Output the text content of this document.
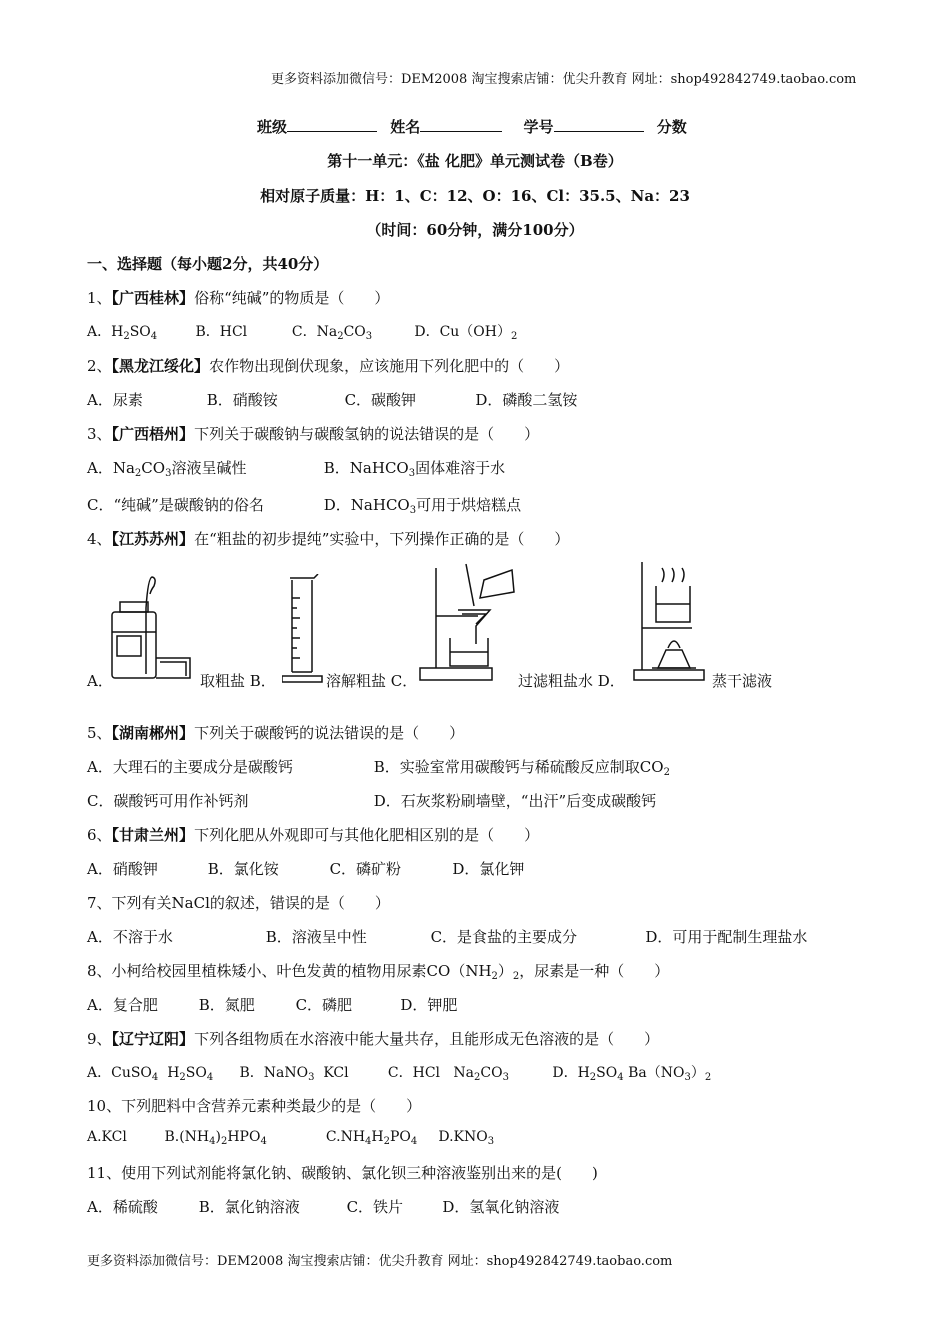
更多资料添加微信号：DEM2008 淘宝搜索店铺：优尖升教育 网址：shop492842749.taobao.com
班级	姓名	学号	分数
第十一单元：《盐 化肥》单元测试卷（B卷）
相对原子质量：H：1、C：12、O：16、Cl：35.5、Na：23
（时间：60分钟，满分100分）
一、选择题（每小题2分，共40分）
1、【广西桂林】俗称“纯碱”的物质是（　　）
A．$H_2SO_4$	B．HCl	C．$Na_2CO_3$	D．$Cu(OH)_2$
2、【黑龙江绥化】农作物出现倒伏现象，应该施用下列化肥中的（　　）
A．尿素	B．硝酸铵	C．碳酸钾	D．磷酸二氢铵
3、【广西梧州】下列关于碳酸钠与碳酸氢钠的说法错误的是（　　）
A．$Na_2CO_3$溶液呈碱性	B．NaHCO$_3$固体难溶于水
C．“纯碱”是碳酸钠的俗名	D．NaHCO$_3$可用于烘焙糕点
4、【江苏苏州】在“粗盐的初步提纯”实验中，下列操作正确的是（　　）
A．	取粗盐 B．	溶解粗盐 C．	过滤粗盐水 D．	蒸干滤液
5、【湖南郴州】下列关于碳酸钙的说法错误的是（　　）
A．大理石的主要成分是碳酸钙	B．实验室常用碳酸钙与稀硫酸反应制取$CO_2$
C．碳酸钙可用作补钙剂	D．石灰浆粉刷墙壁，“出汗”后变成碳酸钙
6、【甘肃兰州】下列化肥从外观即可与其他化肥相区别的是（　　）
A．硝酸钾	B．氯化铵	C．磷矿粉	D．氯化钾
7、下列有关NaCl的叙述，错误的是（　　）
A．不溶于水	B．溶液呈中性	C．是食盐的主要成分	D．可用于配制生理盐水
8、小柯给校园里植株矮小、叶色发黄的植物用尿素$CO(NH_2)_2$，尿素是一种（　　）
A．复合肥	B．氮肥	C．磷肥	D．钾肥
9、【辽宁辽阳】下列各组物质在水溶液中能大量共存，且能形成无色溶液的是（　　）
A．CuSO$_4$  $H_2SO_4$ B．NaNO$_3$  KCl	C．HCl   $Na_2CO_3$	D．$H_2SO_4$ $Ba(NO_3)_2$
10、下列肥料中含营养元素种类最少的是（　　）
A.KCl	$B.(NH_4)_2HPO_4$	$C.NH_4H_2PO_4$ $D.KNO_3$
11、使用下列试剂能将氯化钠、碳酸钠、氯化钡三种溶液鉴别出来的是(　　)
A．稀硫酸	B．氯化钠溶液	C．铁片	D．氢氧化钠溶液
更多资料添加微信号：DEM2008 淘宝搜索店铺：优尖升教育 网址：shop492842749.taobao.com
